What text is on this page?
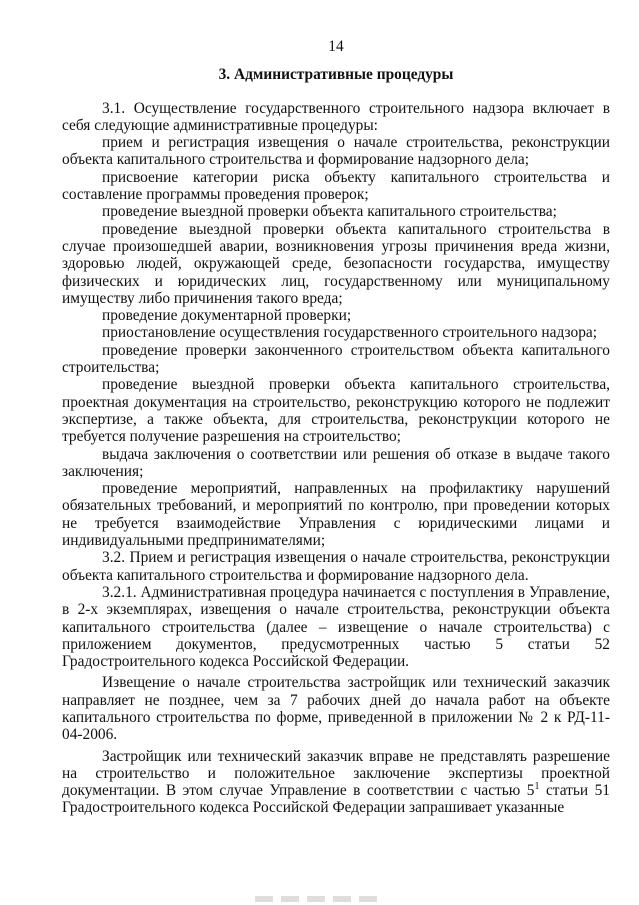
14
3. Административные процедуры

3.1. Осуществление государственного строительного надзора включает в себя следующие административные процедуры:

прием и регистрация извещения о начале строительства, реконструкции объекта капитального строительства и формирование надзорного дела;

присвоение категории риска объекту капитального строительства и составление программы проведения проверок;

проведение выездной проверки объекта капитального строительства;

проведение выездной проверки объекта капитального строительства в случае произошедшей аварии, возникновения угрозы причинения вреда жизни, здоровью людей, окружающей среде, безопасности государства, имуществу физических и юридических лиц, государственному или муниципальному имуществу либо причинения такого вреда;

проведение документарной проверки;

приостановление осуществления государственного строительного надзора;

проведение проверки законченного строительством объекта капитального строительства;

проведение выездной проверки объекта капитального строительства, проектная документация на строительство, реконструкцию которого не подлежит экспертизе, а также объекта, для строительства, реконструкции которого не требуется получение разрешения на строительство;

выдача заключения о соответствии или решения об отказе в выдаче такого заключения;

проведение мероприятий, направленных на профилактику нарушений обязательных требований, и мероприятий по контролю, при проведении которых не требуется взаимодействие Управления с юридическими лицами и индивидуальными предпринимателями;

3.2. Прием и регистрация извещения о начале строительства, реконструкции объекта капитального строительства и формирование надзорного дела.

3.2.1. Административная процедура начинается с поступления в Управление, в 2-х экземплярах, извещения о начале строительства, реконструкции объекта капитального строительства (далее – извещение о начале строительства) с приложением документов, предусмотренных частью 5 статьи 52 Градостроительного кодекса Российской Федерации.

Извещение о начале строительства застройщик или технический заказчик направляет не позднее, чем за 7 рабочих дней до начала работ на объекте капитального строительства по форме, приведенной в приложении № 2 к РД-11-04-2006.

Застройщик или технический заказчик вправе не представлять разрешение на строительство и положительное заключение экспертизы проектной документации. В этом случае Управление в соответствии с частью $5^1$ статьи 51 Градостроительного кодекса Российской Федерации запрашивает указанные
